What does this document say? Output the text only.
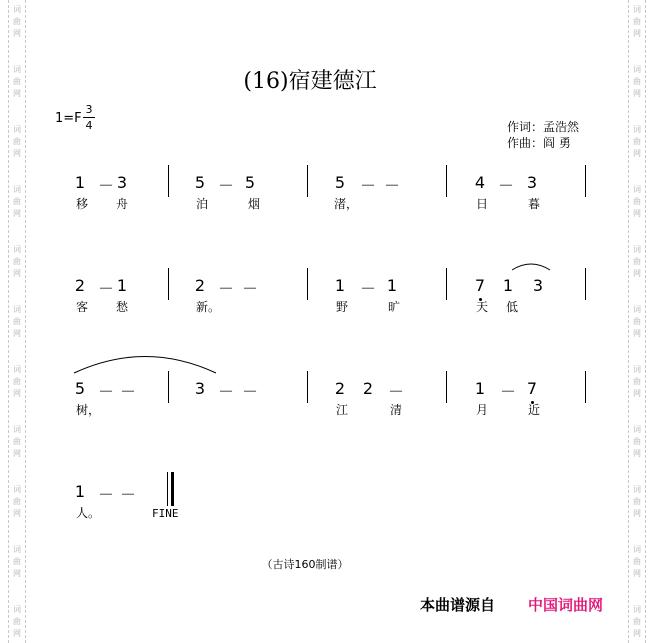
词
曲
网
词
曲
网
词
曲
网
词
曲
网
词
曲
网
词
曲
网
词
曲
网
词
曲
网
词
曲
网
词
曲
网
词
曲
网
词
曲
网
词
曲
网
词
曲
网
词
曲
网
词
曲
网
词
曲
网
词
曲
网
词
曲
网
词
曲
网
词
曲
网
词
曲
网
(16)宿建德江
1=F
3
4	作词：孟浩然
作曲：阎 勇
1 － 3	5 － 5	5 － －	4 － 3
移 舟	泊	烟	渚，	日	暮
2 － 1	2 － －	1 － 1	7 1 3
客 愁	新。	野	旷	天 低
5 － －	3 － －	2 2 －	1 － 7
树，	江	清	月	近
1 － －
人。	FINE
（古诗160制谱）
本曲谱源自 中国词曲网
